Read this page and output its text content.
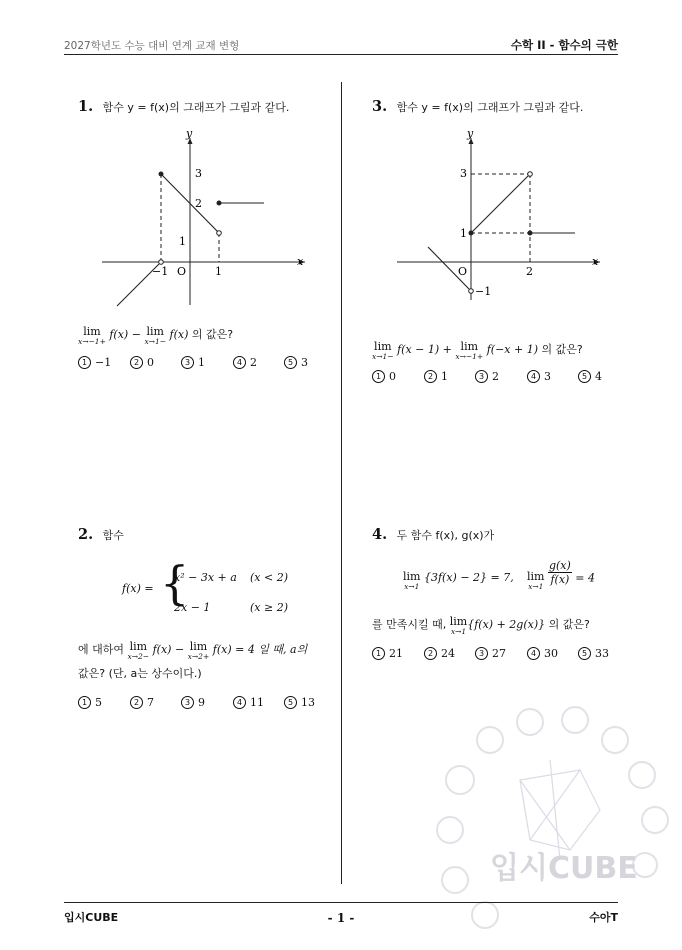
2027학년도 수능 대비 연계 교재 변형	수학 II - 함수의 극한
입시CUBE
1. 함수 y = f(x)의 그래프가 그림과 같다.
y
x
O
3
2
1
−1	1
lim
x→−1+
f(x) − lim
x→1−
f(x) 의 값은?
1 −1	2 0	3 1	4 2	5 3
2. 함수
f(x) = {
x² − 3x + a (x < 2)
2x − 1	(x ≥ 2)
에 대하여 lim
x→2−
f(x) − lim
x→2+
f(x) = 4 일 때, a의
값은? (단, a는 상수이다.)
1 5	2 7	3 9	4 11	5 13
3. 함수 y = f(x)의 그래프가 그림과 같다.
y
x
O
3
1
−1
2
lim
x→1−
f(x − 1) + lim
x→−1+
f(−x + 1) 의 값은?
1 0	2 1	3 2	4 3	5 4
4. 두 함수 f(x), g(x)가
lim
x→1
{3f(x) − 2} = 7, lim
x→1

$\frac{g(x)}{f(x)} = 4$
를 만족시킬 때, lim
x→1
{f(x) + 2g(x)} 의 값은?
1 21	2 24	3 27	4 30	5 33
입시CUBE	- 1 -	수아T
